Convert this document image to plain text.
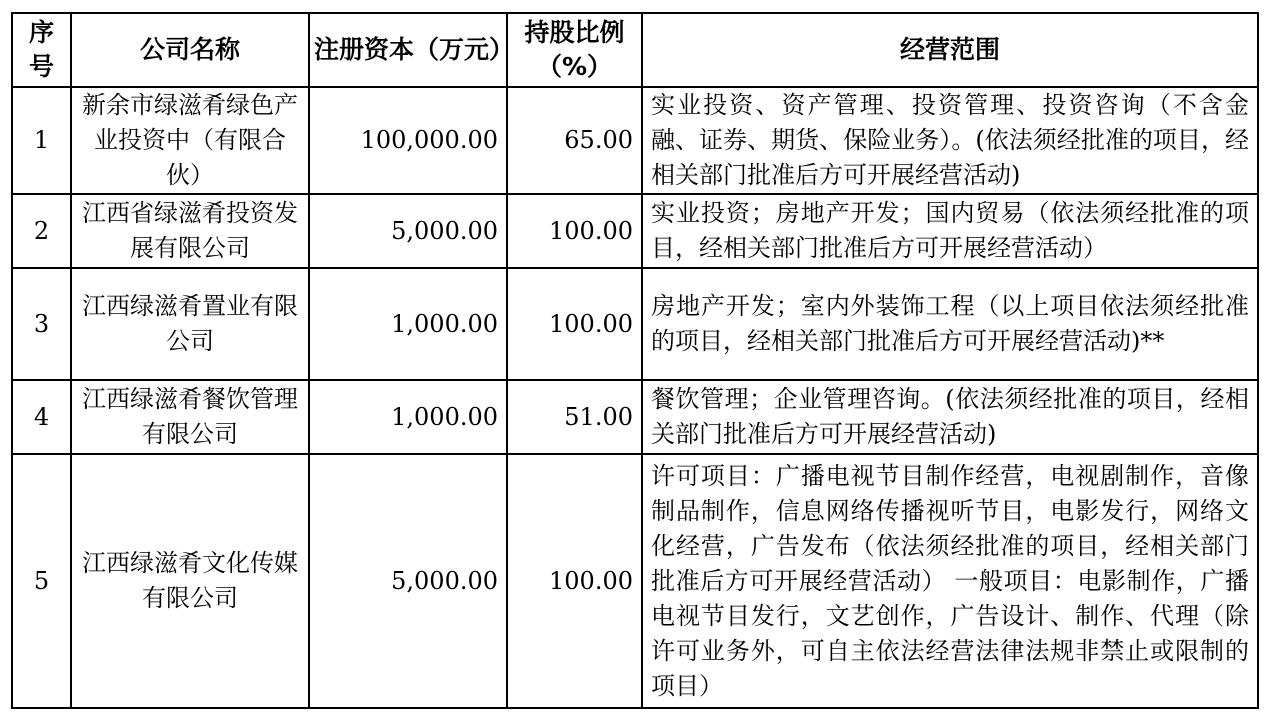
序号	公司名称	注册资本（万元）	持股比例（%）	经营范围
1	新余市绿滋肴绿色产业投资中（有限合伙）	100,000.00	65.00	实业投资、资产管理、投资管理、投资咨询（不含金融、证券、期货、保险业务）。(依法须经批准的项目，经相关部门批准后方可开展经营活动)
2	江西省绿滋肴投资发展有限公司	5,000.00	100.00	实业投资；房地产开发；国内贸易（依法须经批准的项目，经相关部门批准后方可开展经营活动）
3	江西绿滋肴置业有限公司	1,000.00	100.00	房地产开发；室内外装饰工程（以上项目依法须经批准的项目，经相关部门批准后方可开展经营活动)**
4	江西绿滋肴餐饮管理有限公司	1,000.00	51.00	餐饮管理；企业管理咨询。(依法须经批准的项目，经相关部门批准后方可开展经营活动)
5	江西绿滋肴文化传媒有限公司	5,000.00	100.00	许可项目：广播电视节目制作经营，电视剧制作，音像制品制作，信息网络传播视听节目，电影发行，网络文化经营，广告发布（依法须经批准的项目，经相关部门批准后方可开展经营活动） 一般项目：电影制作，广播电视节目发行，文艺创作，广告设计、制作、代理（除许可业务外，可自主依法经营法律法规非禁止或限制的项目）
